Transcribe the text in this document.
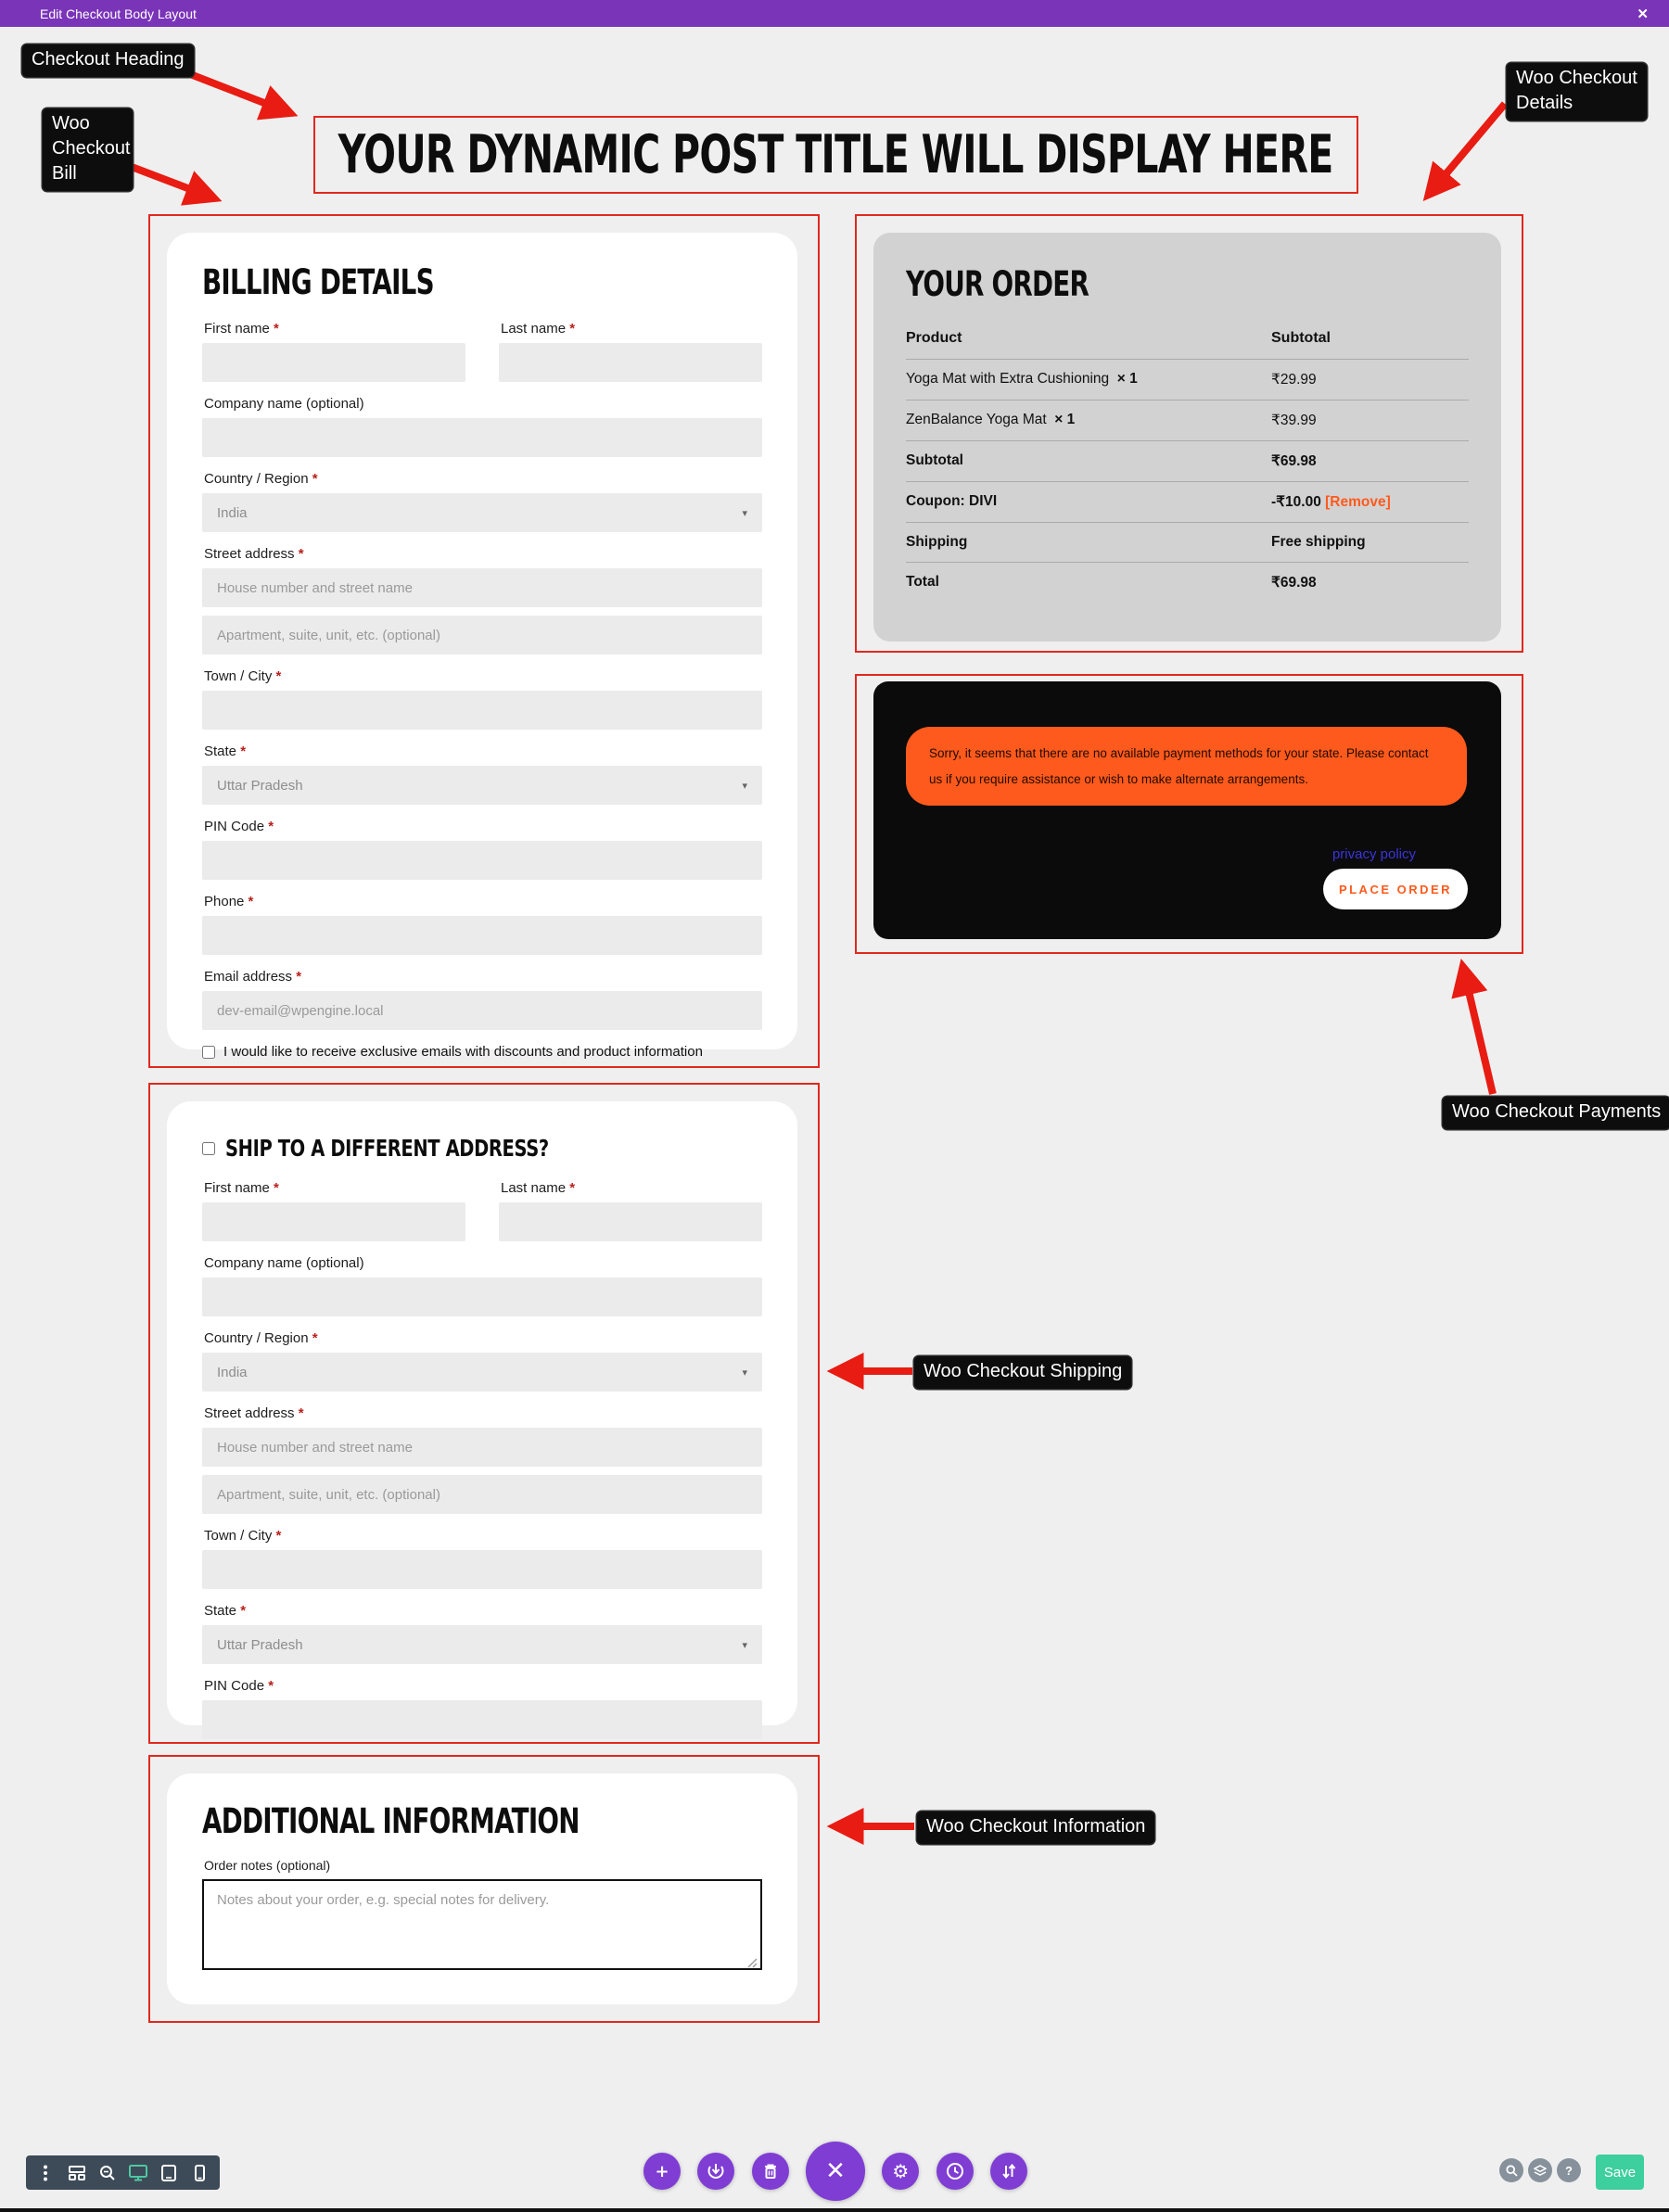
Edit Checkout Body Layout	✕
YOUR DYNAMIC POST TITLE WILL DISPLAY HERE
BILLING DETAILS
First name *	Last name *
Company name (optional)
Country / Region *
India	▾
Street address *
House number and street name Apartment, suite, unit, etc. (optional)
Town / City *
State *
Uttar Pradesh	▾
PIN Code *
Phone *
Email address *
dev-email@wpengine.local
I would like to receive exclusive emails with discounts and product information
YOUR ORDER
Product	Subtotal
Yoga Mat with Extra Cushioning × 1	₹29.99
ZenBalance Yoga Mat × 1	₹39.99
Subtotal	₹69.98
Coupon: DIVI	-₹10.00 [Remove]
Shipping	Free shipping
Total	₹69.98
Sorry, it seems that there are no available payment methods for your state. Please contact us if you require assistance or wish to make alternate arrangements.
privacy policy
PLACE ORDER
SHIP TO A DIFFERENT ADDRESS?
First name *	Last name *
Company name (optional)
Country / Region *
India	▾
Street address *
House number and street name Apartment, suite, unit, etc. (optional)
Town / City *
State *
Uttar Pradesh	▾
PIN Code *
ADDITIONAL INFORMATION
Order notes (optional)
Notes about your order, e.g. special notes for delivery.
Checkout Heading
Woo Checkout Bill
Woo Checkout Details
Woo Checkout Payments
Woo Checkout Shipping
Woo Checkout Information
+	✕	⚙	?	Save
